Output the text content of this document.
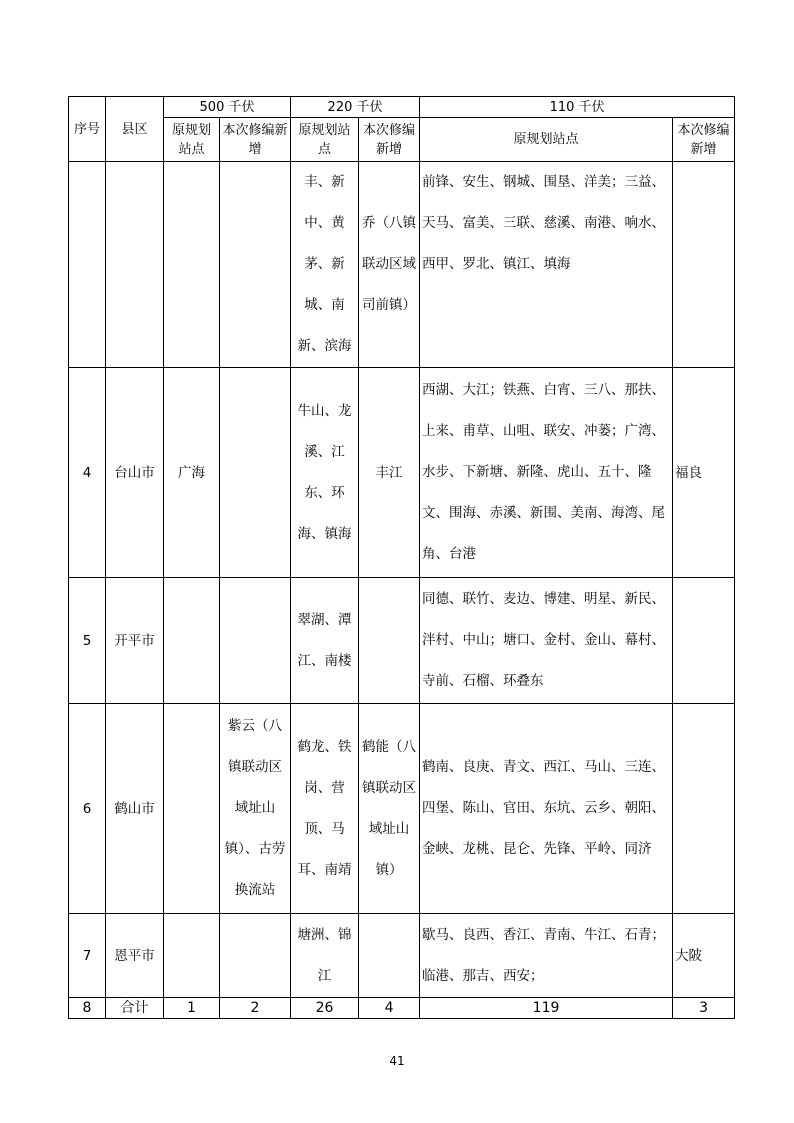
序号	县区	500 千伏		220 千伏		110 千伏	
		原规划站点	本次修编新增	原规划站点	本次修编新增	原规划站点	本次修编新增
				丰、新中、黄茅、新城、南新、滨海	乔（八镇联动区域司前镇）	前锋、安生、钢城、围垦、洋美；三益、天马、富美、三联、慈溪、南港、响水、西甲、罗北、镇江、填海	
4	台山市	广海		牛山、龙溪、江东、环海、镇海	丰江	西湖、大江；铁燕、白宵、三八、那扶、上来、甫草、山咀、联安、冲蒌；广湾、水步、下新塘、新隆、虎山、五十、隆文、围海、赤溪、新围、美南、海湾、尾角、台港	福良
5	开平市			翠湖、潭江、南楼		同德、联竹、麦边、博建、明星、新民、泮村、中山；塘口、金村、金山、幕村、寺前、石榴、环叠东	
6	鹤山市		紫云（八镇联动区域址山镇）、古劳换流站	鹤龙、铁岗、营顶、马耳、南靖	鹤能（八镇联动区域址山镇）	鹤南、良庚、青文、西江、马山、三连、四堡、陈山、官田、东坑、云乡、朝阳、金峡、龙桃、昆仑、先锋、平岭、同济	
7	恩平市			塘洲、锦江		歇马、良西、香江、青南、牛江、石青；临港、那吉、西安；	大陂
8	合计	1	2	26	4	119	3
41
